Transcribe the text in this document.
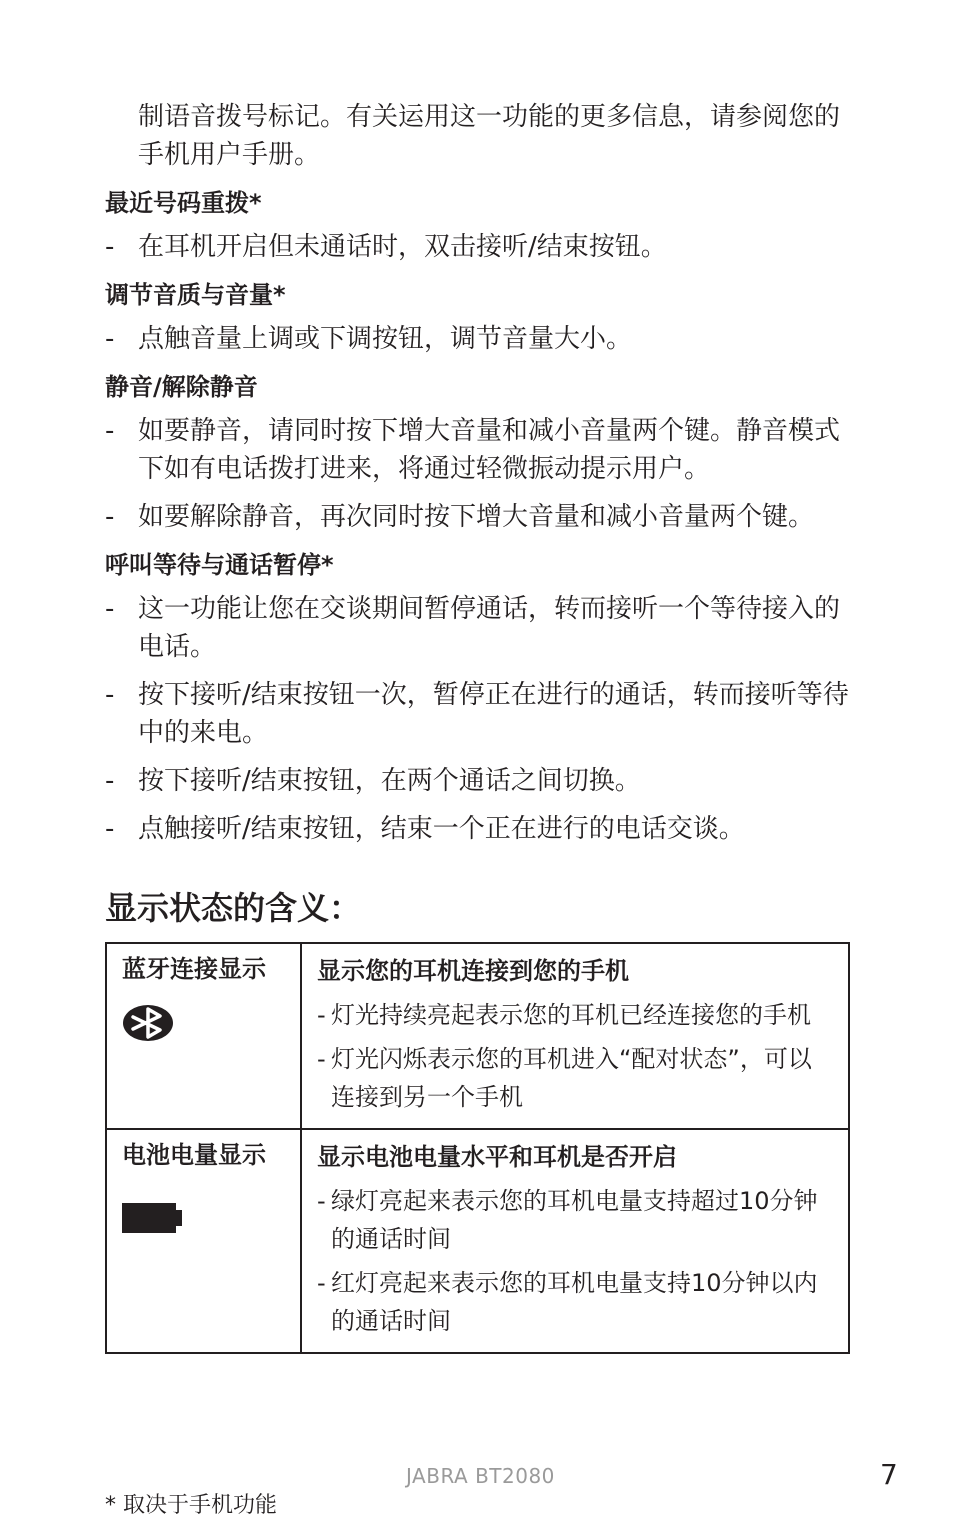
制语音拨号标记。有关运用这一功能的更多信息，请参阅您的手机用户手册。

最近号码重拨*
- 在耳机开启但未通话时，双击接听/结束按钮。
调节音质与音量*
- 点触音量上调或下调按钮，调节音量大小。
静音/解除静音
- 如要静音，请同时按下增大音量和减小音量两个键。静音模式下如有电话拨打进来，将通过轻微振动提示用户。
- 如要解除静音，再次同时按下增大音量和减小音量两个键。
呼叫等待与通话暂停*
- 这一功能让您在交谈期间暂停通话，转而接听一个等待接入的电话。
- 按下接听/结束按钮一次，暂停正在进行的通话，转而接听等待中的来电。
- 按下接听/结束按钮，在两个通话之间切换。
- 点触接听/结束按钮，结束一个正在进行的电话交谈。
显示状态的含义：
蓝牙连接显示	显示您的耳机连接到您的手机
- 灯光持续亮起表示您的耳机已经连接您的手机
- 灯光闪烁表示您的耳机进入“配对状态”，可以连接到另一个手机

电池电量显示	显示电池电量水平和耳机是否开启
- 绿灯亮起来表示您的耳机电量支持超过10分钟的通话时间
- 红灯亮起来表示您的耳机电量支持10分钟以内的通话时间
JABRA BT2080	7
* 取决于手机功能
